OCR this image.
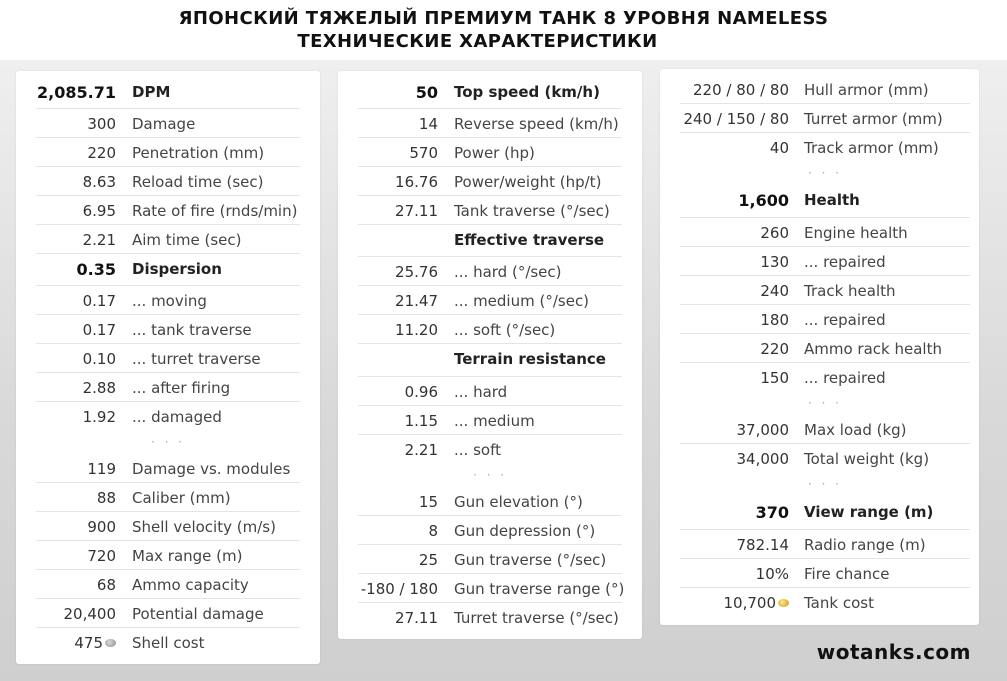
ЯПОНСКИЙ ТЯЖЕЛЫЙ ПРЕМИУМ ТАНК 8 УРОВНЯ NAMELESS
ТЕХНИЧЕСКИЕ ХАРАКТЕРИСТИКИ
2,085.71 DPM
300 Damage
220 Penetration (mm)
8.63 Reload time (sec)
6.95 Rate of fire (rnds/min)
2.21 Aim time (sec)
0.35 Dispersion
0.17 ... moving
0.17 ... tank traverse
0.10 ... turret traverse
2.88 ... after firing
1.92 ... damaged
· · ·
119 Damage vs. modules
88 Caliber (mm)
900 Shell velocity (m/s)
720 Max range (m)
68 Ammo capacity
20,400 Potential damage
475	Shell cost
50 Top speed (km/h)
14 Reverse speed (km/h)
570 Power (hp)
16.76 Power/weight (hp/t)
27.11 Tank traverse (°/sec)
Effective traverse
25.76 ... hard (°/sec)
21.47 ... medium (°/sec)
11.20 ... soft (°/sec)
Terrain resistance
0.96 ... hard
1.15 ... medium
2.21 ... soft
· · ·
15 Gun elevation (°)
8 Gun depression (°)
25 Gun traverse (°/sec)
-180 / 180 Gun traverse range (°)
27.11 Turret traverse (°/sec)
220 / 80 / 80 Hull armor (mm)
240 / 150 / 80 Turret armor (mm)
40 Track armor (mm)
· · ·
1,600 Health
260 Engine health
130 ... repaired
240 Track health
180 ... repaired
220 Ammo rack health
150 ... repaired
· · ·
37,000 Max load (kg)
34,000 Total weight (kg)
· · ·
370 View range (m)
782.14 Radio range (m)
10% Fire chance
10,700	Tank cost
wotanks.com
